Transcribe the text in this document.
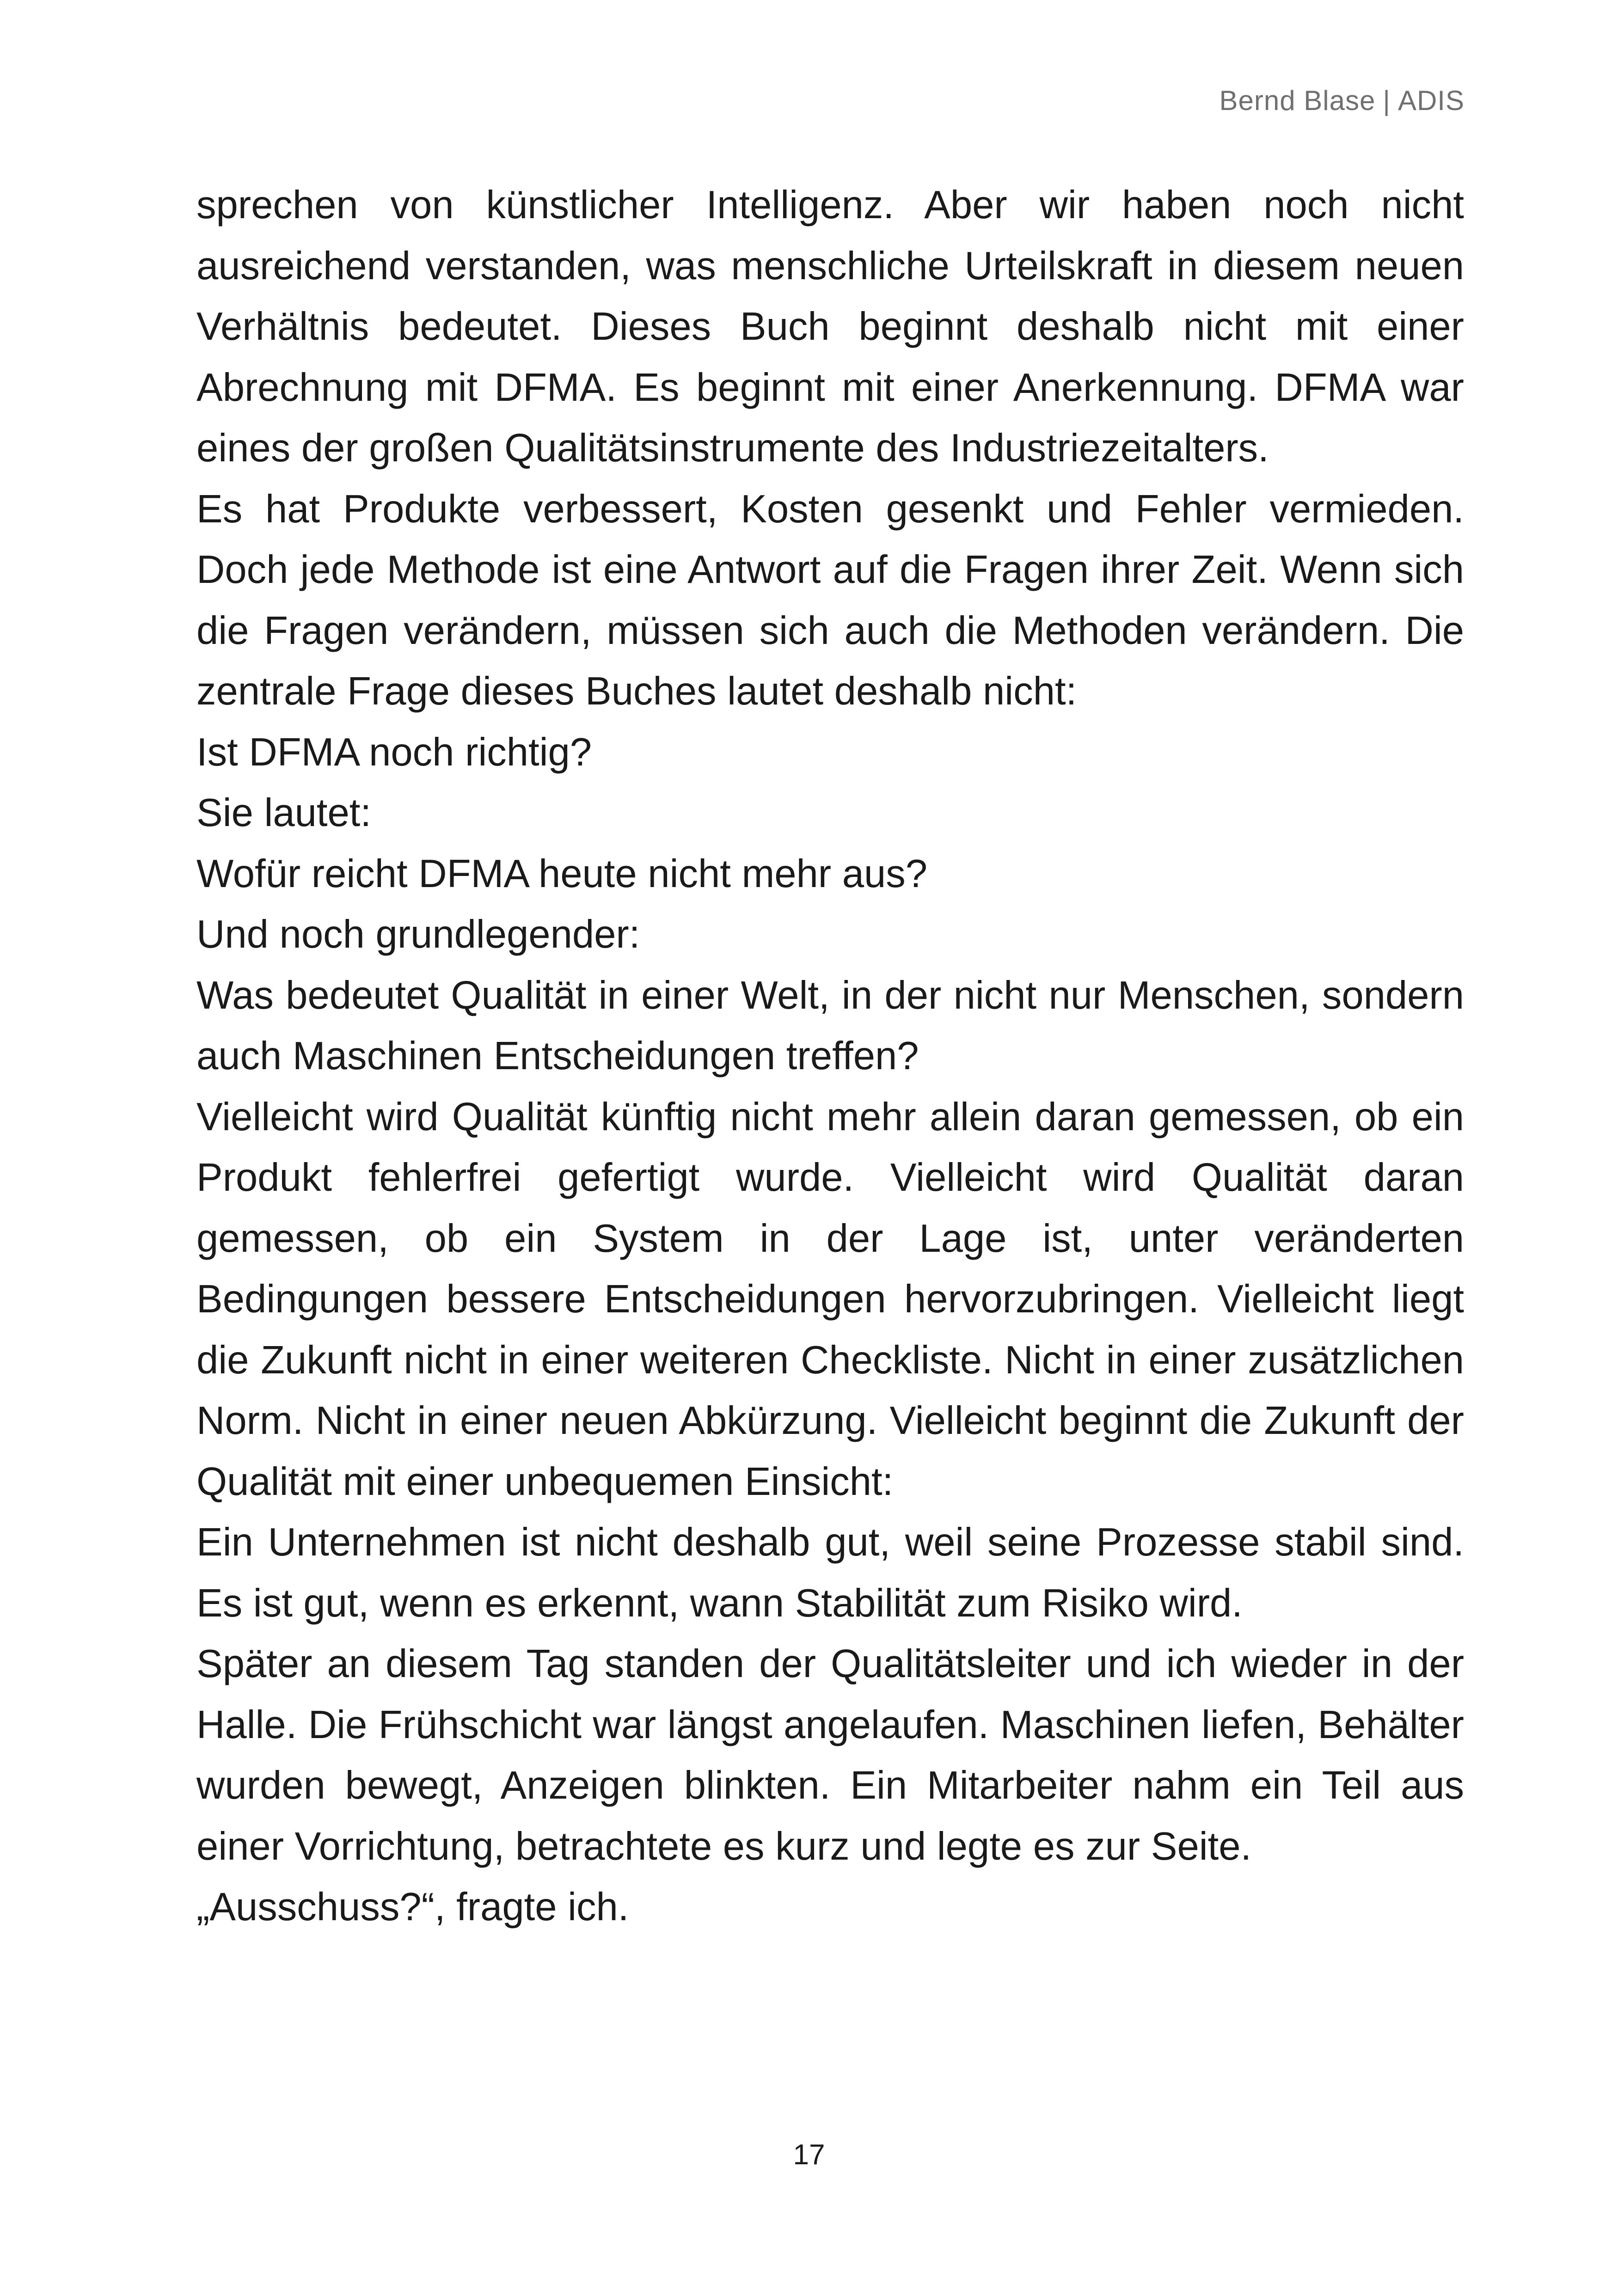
Bernd Blase | ADIS

sprechen von künstlicher Intelligenz. Aber wir haben noch nicht ausreichend verstanden, was menschliche Urteilskraft in diesem neuen Verhältnis bedeutet. Dieses Buch beginnt deshalb nicht mit einer Abrechnung mit DFMA. Es beginnt mit einer Anerkennung. DFMA war eines der großen Qualitätsinstrumente des Industriezeitalters.

Es hat Produkte verbessert, Kosten gesenkt und Fehler vermieden. Doch jede Methode ist eine Antwort auf die Fragen ihrer Zeit. Wenn sich die Fragen verändern, müssen sich auch die Methoden verändern. Die zentrale Frage dieses Buches lautet deshalb nicht:

Ist DFMA noch richtig?

Sie lautet:

Wofür reicht DFMA heute nicht mehr aus?

Und noch grundlegender:

Was bedeutet Qualität in einer Welt, in der nicht nur Menschen, sondern auch Maschinen Entscheidungen treffen?

Vielleicht wird Qualität künftig nicht mehr allein daran gemessen, ob ein Produkt fehlerfrei gefertigt wurde. Vielleicht wird Qualität daran gemessen, ob ein System in der Lage ist, unter veränderten Bedingungen bessere Entscheidungen hervorzubringen. Vielleicht liegt die Zukunft nicht in einer weiteren Checkliste. Nicht in einer zusätzlichen Norm. Nicht in einer neuen Abkürzung. Vielleicht beginnt die Zukunft der Qualität mit einer unbequemen Einsicht:

Ein Unternehmen ist nicht deshalb gut, weil seine Prozesse stabil sind. Es ist gut, wenn es erkennt, wann Stabilität zum Risiko wird.

Später an diesem Tag standen der Qualitätsleiter und ich wieder in der Halle. Die Frühschicht war längst angelaufen. Maschinen liefen, Behälter wurden bewegt, Anzeigen blinkten. Ein Mitarbeiter nahm ein Teil aus einer Vorrichtung, betrachtete es kurz und legte es zur Seite.

„Ausschuss?“, fragte ich.

17
